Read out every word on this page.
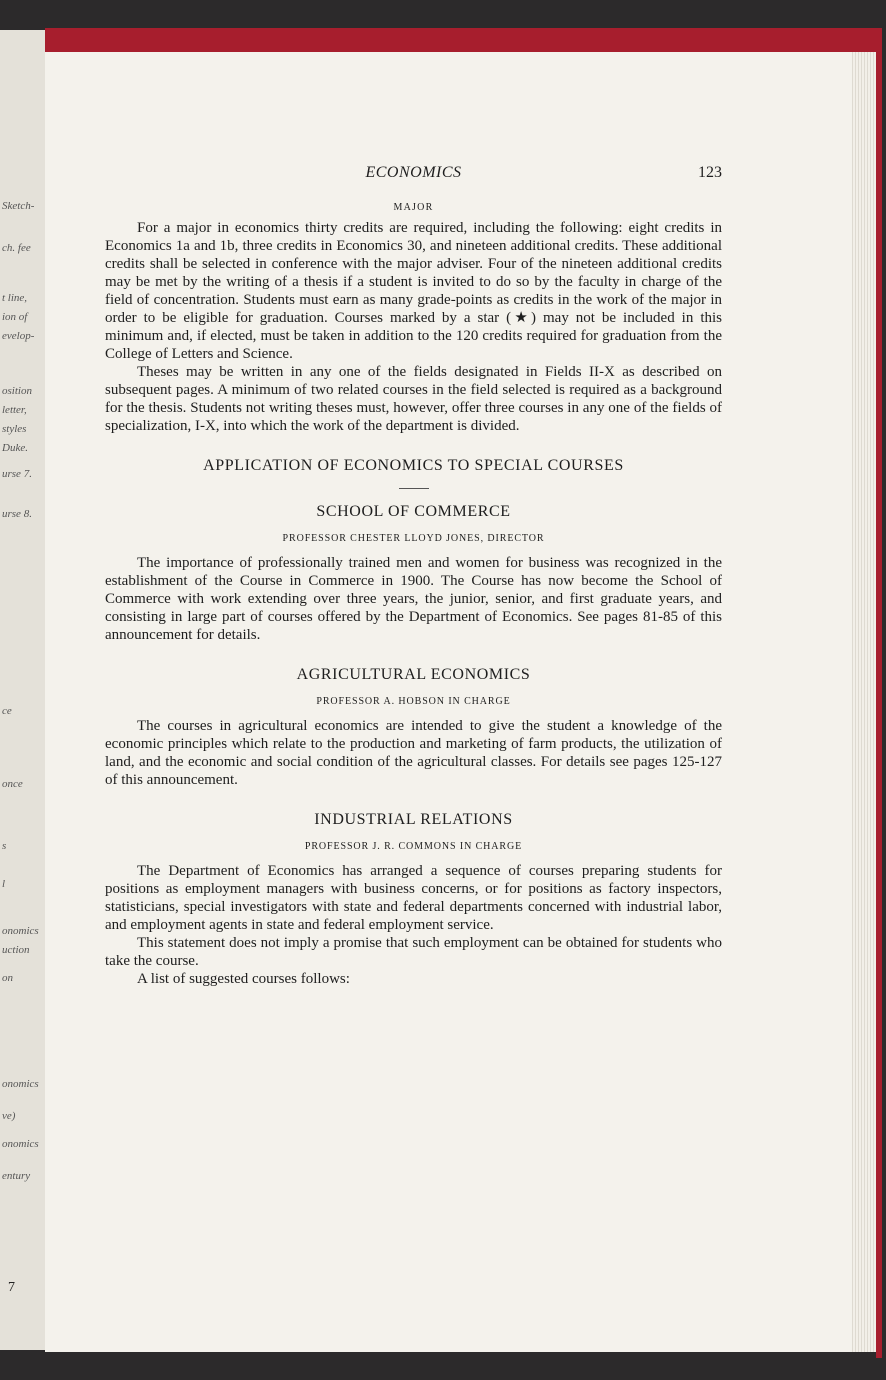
Sketch-
ch. fee
t line,
ion of
evelop-
osition
letter,
styles
Duke.
urse 7.
urse 8.
ce
once
s
l
onomics
uction
on
onomics
ve)
onomics
entury
7
ECONOMICS	123
MAJOR

For a major in economics thirty credits are required, including the following: eight credits in Economics 1a and 1b, three credits in Economics 30, and nineteen additional credits. These additional credits shall be selected in conference with the major adviser. Four of the nineteen additional credits may be met by the writing of a thesis if a student is invited to do so by the faculty in charge of the field of concentration. Students must earn as many grade-points as credits in the work of the major in order to be eligible for graduation. Courses marked by a star (★) may not be included in this minimum and, if elected, must be taken in addition to the 120 credits required for graduation from the College of Letters and Science.

Theses may be written in any one of the fields designated in Fields II-X as described on subsequent pages. A minimum of two related courses in the field selected is required as a background for the thesis. Students not writing theses must, however, offer three courses in any one of the fields of specialization, I-X, into which the work of the department is divided.

APPLICATION OF ECONOMICS TO SPECIAL COURSES
SCHOOL OF COMMERCE
PROFESSOR CHESTER LLOYD JONES, DIRECTOR

The importance of professionally trained men and women for business was recognized in the establishment of the Course in Commerce in 1900. The Course has now become the School of Commerce with work extending over three years, the junior, senior, and first graduate years, and consisting in large part of courses offered by the Department of Economics. See pages 81-85 of this announcement for details.

AGRICULTURAL ECONOMICS
PROFESSOR A. HOBSON IN CHARGE

The courses in agricultural economics are intended to give the student a knowledge of the economic principles which relate to the production and marketing of farm products, the utilization of land, and the economic and social condition of the agricultural classes. For details see pages 125-127 of this announcement.

INDUSTRIAL RELATIONS
PROFESSOR J. R. COMMONS IN CHARGE

The Department of Economics has arranged a sequence of courses preparing students for positions as employment managers with business concerns, or for positions as factory inspectors, statisticians, special investigators with state and federal departments concerned with industrial labor, and employment agents in state and federal employment service.

This statement does not imply a promise that such employment can be obtained for students who take the course.

A list of suggested courses follows:
